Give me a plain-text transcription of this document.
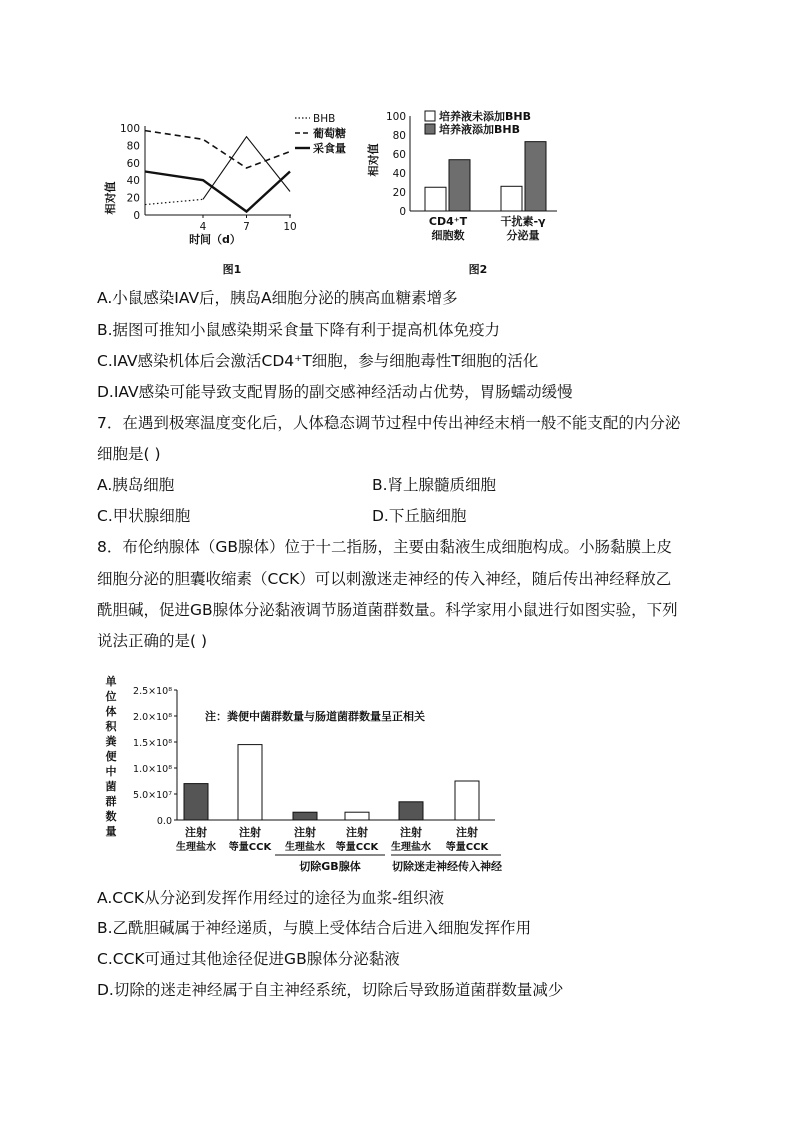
相对值
0
20
40
60
80
100
4	7	10
时间（d）
BHB
葡萄糖
采食量
图1
相对值
0
20
40
60
80
100	培养液未添加BHB
培养液添加BHB
CD4⁺T
细胞数
干扰素-γ
分泌量
图2
A.小鼠感染IAV后，胰岛A细胞分泌的胰高血糖素增多
B.据图可推知小鼠感染期采食量下降有利于提高机体免疫力
C.IAV感染机体后会激活CD4⁺T细胞，参与细胞毒性T细胞的活化
D.IAV感染可能导致支配胃肠的副交感神经活动占优势，胃肠蠕动缓慢
7．在遇到极寒温度变化后，人体稳态调节过程中传出神经末梢一般不能支配的内分泌
细胞是( )
A.胰岛细胞	B.肾上腺髓质细胞
C.甲状腺细胞	D.下丘脑细胞
8．布伦纳腺体（GB腺体）位于十二指肠，主要由黏液生成细胞构成。小肠黏膜上皮
细胞分泌的胆囊收缩素（CCK）可以刺激迷走神经的传入神经，随后传出神经释放乙
酰胆碱，促进GB腺体分泌黏液调节肠道菌群数量。科学家用小鼠进行如图实验，下列
说法正确的是( )
单
位
体
积
粪
便
中
菌
群
数
量
0.0
5.0×10⁷
1.0×10⁸
1.5×10⁸
2.0×10⁸
2.5×10⁸
注：粪便中菌群数量与肠道菌群数量呈正相关
注射
生理盐水
注射
等量CCK
注射
生理盐水
注射
等量CCK
注射
生理盐水
注射
等量CCK
切除GB腺体	切除迷走神经传入神经
A.CCK从分泌到发挥作用经过的途径为血浆-组织液
B.乙酰胆碱属于神经递质，与膜上受体结合后进入细胞发挥作用
C.CCK可通过其他途径促进GB腺体分泌黏液
D.切除的迷走神经属于自主神经系统，切除后导致肠道菌群数量减少
